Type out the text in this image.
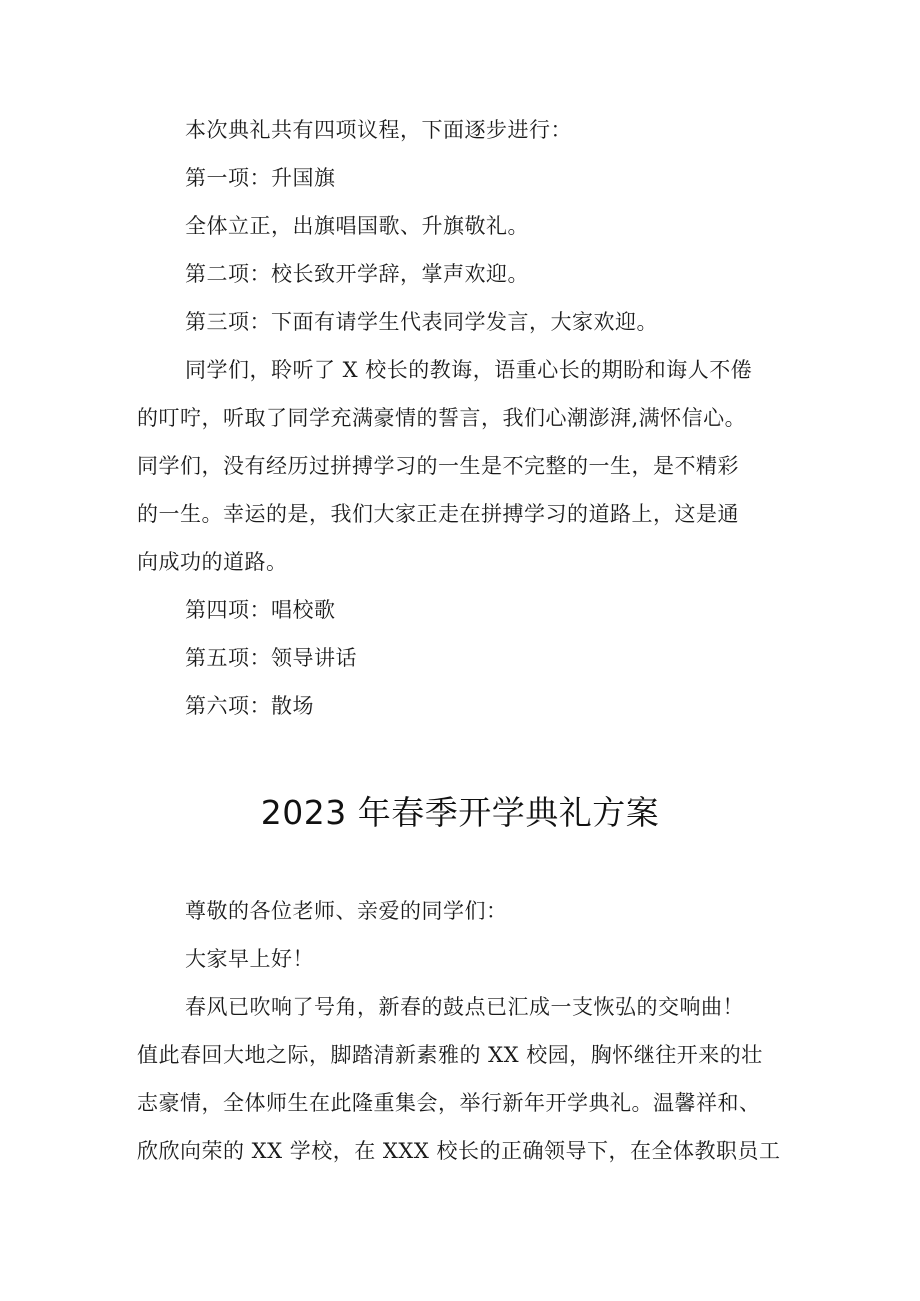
本次典礼共有四项议程，下面逐步进行：
第一项：升国旗
全体立正，出旗唱国歌、升旗敬礼。
第二项：校长致开学辞，掌声欢迎。
第三项：下面有请学生代表同学发言，大家欢迎。
同学们，聆听了 X 校长的教诲，语重心长的期盼和诲人不倦
的叮咛，听取了同学充满豪情的誓言，我们心潮澎湃,满怀信心。
同学们，没有经历过拼搏学习的一生是不完整的一生，是不精彩
的一生。幸运的是，我们大家正走在拼搏学习的道路上，这是通
向成功的道路。
第四项：唱校歌
第五项：领导讲话
第六项：散场
2023 年春季开学典礼方案
尊敬的各位老师、亲爱的同学们：
大家早上好！
春风已吹响了号角，新春的鼓点已汇成一支恢弘的交响曲！
值此春回大地之际，脚踏清新素雅的 XX 校园，胸怀继往开来的壮
志豪情，全体师生在此隆重集会，举行新年开学典礼。温馨祥和、
欣欣向荣的 XX 学校，在 XXX 校长的正确领导下，在全体教职员工
